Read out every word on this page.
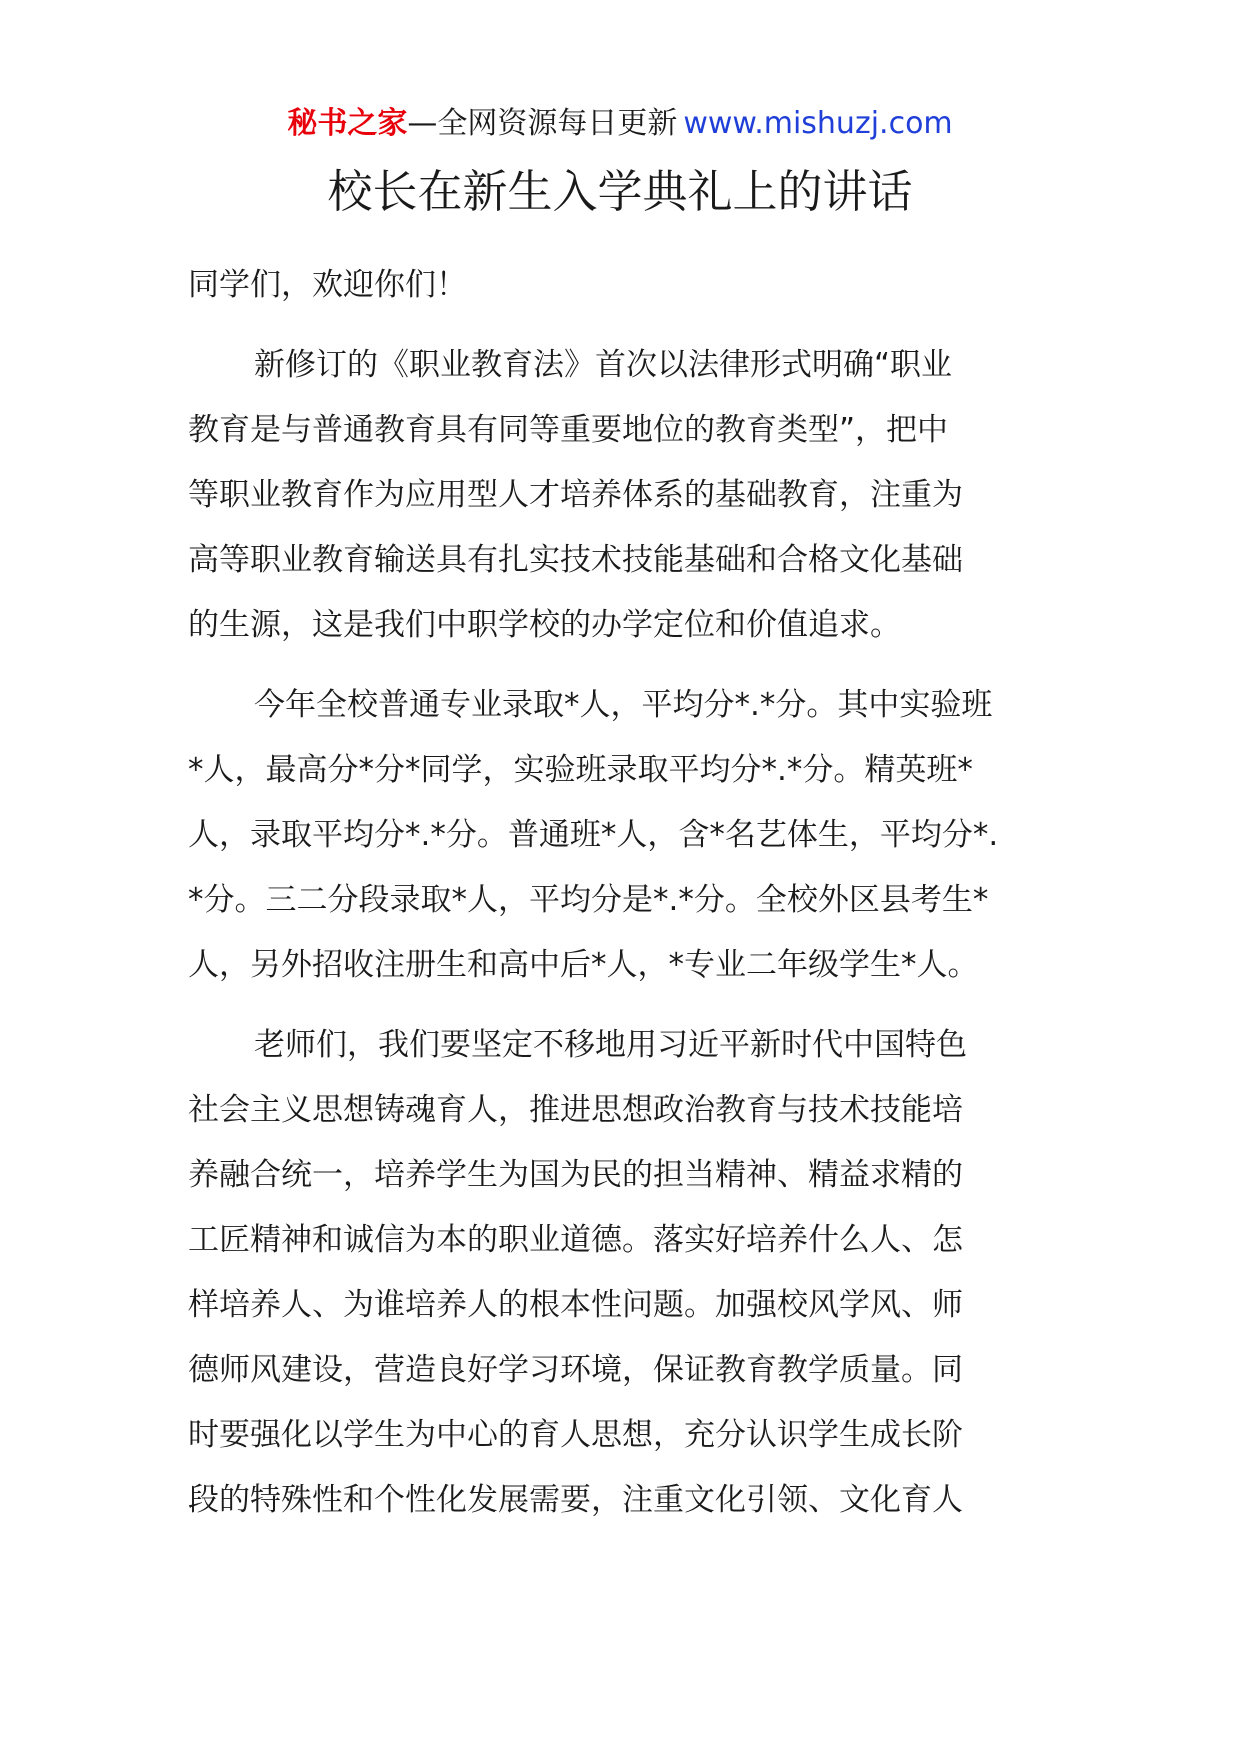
秘书之家—全网资源每日更新 www.mishuzj.com
校长在新生入学典礼上的讲话
同学们，欢迎你们！
新修订的《职业教育法》首次以法律形式明确“职业
教育是与普通教育具有同等重要地位的教育类型”，把中
等职业教育作为应用型人才培养体系的基础教育，注重为
高等职业教育输送具有扎实技术技能基础和合格文化基础
的生源，这是我们中职学校的办学定位和价值追求。
今年全校普通专业录取*人，平均分*.*分。其中实验班
*人，最高分*分*同学，实验班录取平均分*.*分。精英班*
人，录取平均分*.*分。普通班*人，含*名艺体生，平均分*.
*分。三二分段录取*人，平均分是*.*分。全校外区县考生*
人，另外招收注册生和高中后*人，*专业二年级学生*人。
老师们，我们要坚定不移地用习近平新时代中国特色
社会主义思想铸魂育人，推进思想政治教育与技术技能培
养融合统一，培养学生为国为民的担当精神、精益求精的
工匠精神和诚信为本的职业道德。落实好培养什么人、怎
样培养人、为谁培养人的根本性问题。加强校风学风、师
德师风建设，营造良好学习环境，保证教育教学质量。同
时要强化以学生为中心的育人思想，充分认识学生成长阶
段的特殊性和个性化发展需要，注重文化引领、文化育人
